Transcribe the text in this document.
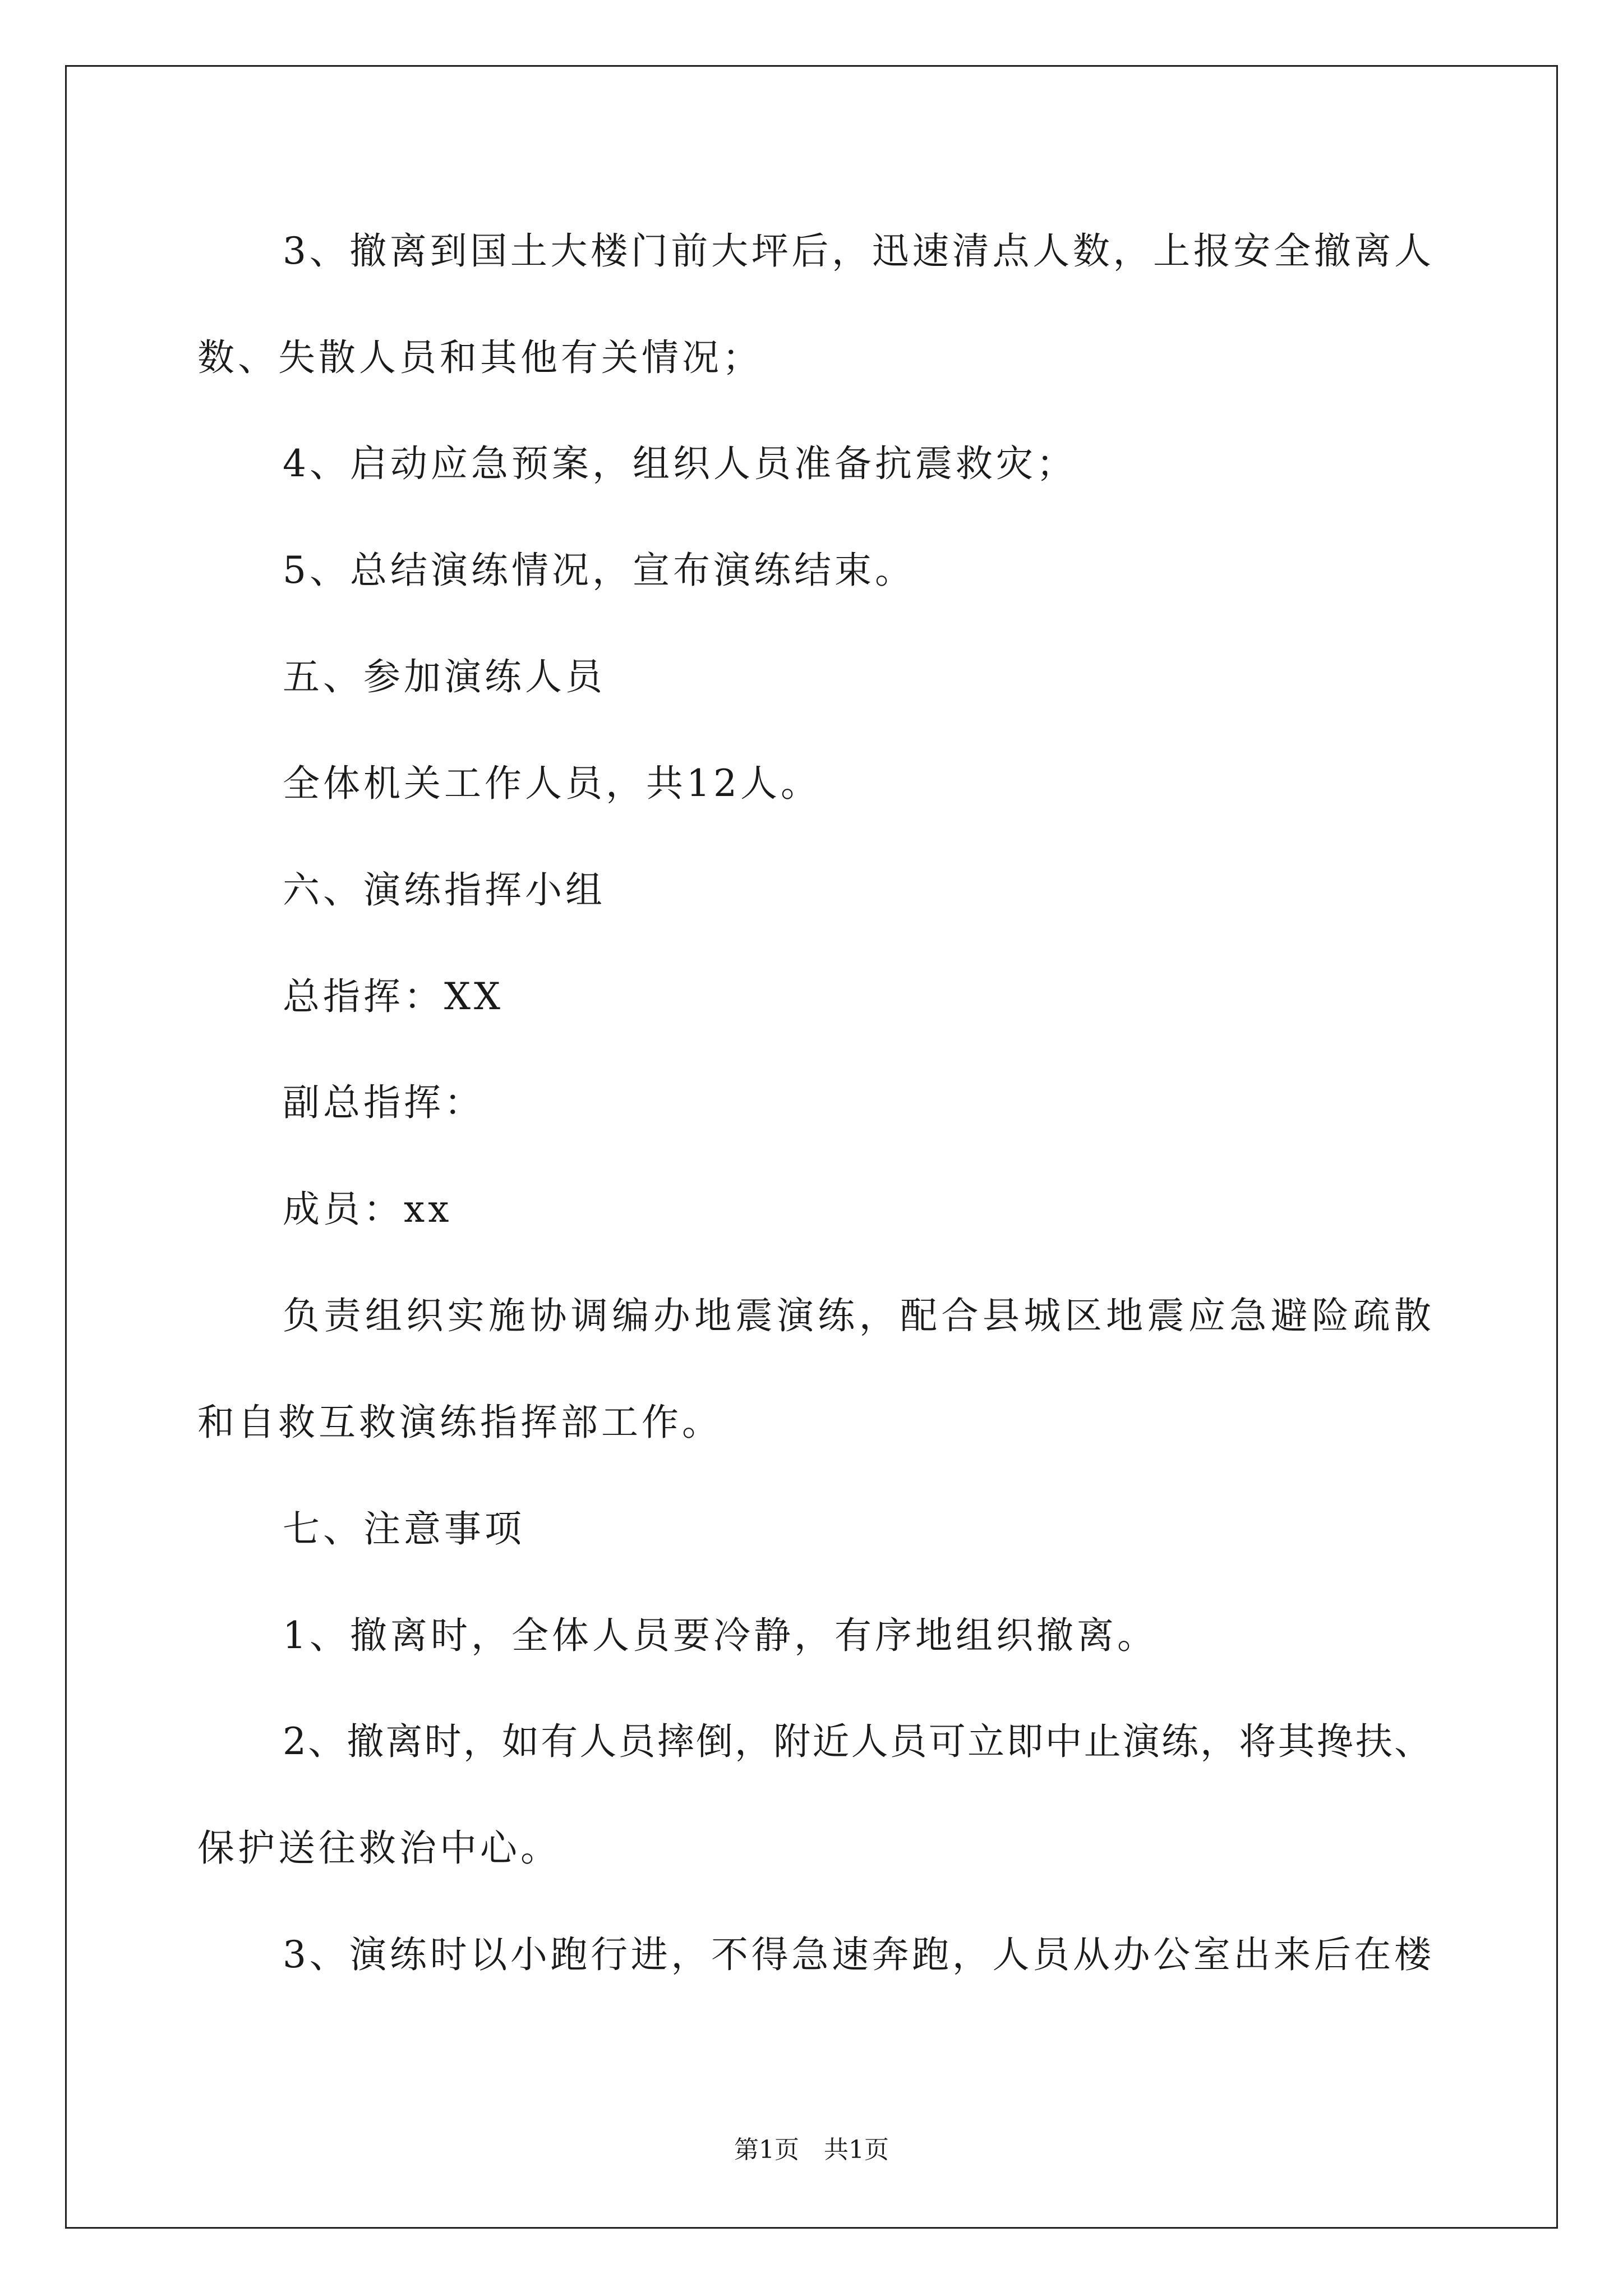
3、撤离到国土大楼门前大坪后，迅速清点人数，上报安全撤离人
数、失散人员和其他有关情况；
4、启动应急预案，组织人员准备抗震救灾；
5、总结演练情况，宣布演练结束。
五、参加演练人员
全体机关工作人员，共12人。
六、演练指挥小组
总指挥：XX
副总指挥：
成员：xx
负责组织实施协调编办地震演练，配合县城区地震应急避险疏散
和自救互救演练指挥部工作。
七、注意事项
1、撤离时，全体人员要冷静，有序地组织撤离。
2、撤离时，如有人员摔倒，附近人员可立即中止演练，将其搀扶、
保护送往救治中心。
3、演练时以小跑行进，不得急速奔跑，人员从办公室出来后在楼
第1页　共1页
